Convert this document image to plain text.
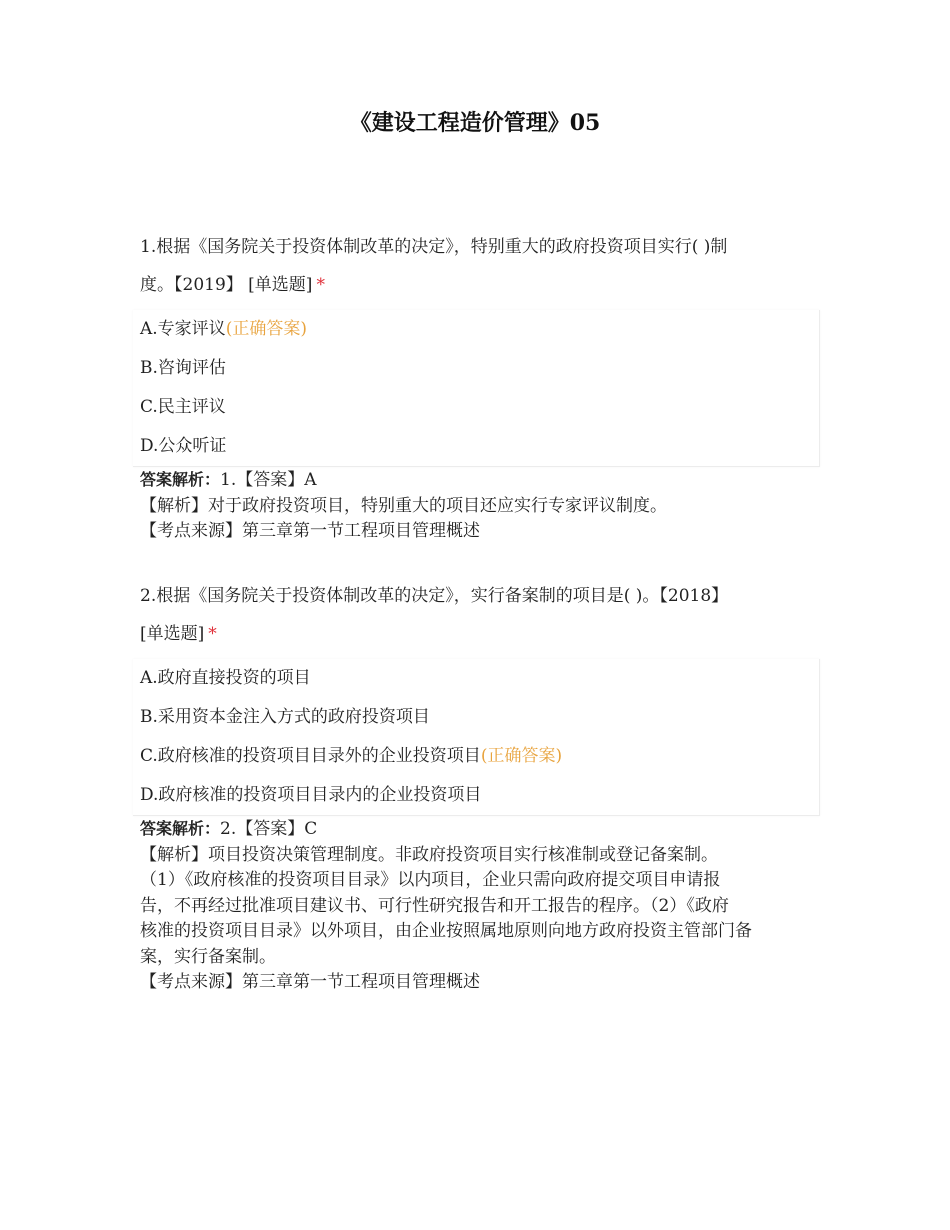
《建设工程造价管理》05
1.根据《国务院关于投资体制改革的决定》，特别重大的政府投资项目实行( )制
度。【2019】 [单选题] *
A.专家评议(正确答案)
B.咨询评估
C.民主评议
D.公众听证

答案解析：1.【答案】A

【解析】对于政府投资项目，特别重大的项目还应实行专家评议制度。

【考点来源】第三章第一节工程项目管理概述

2.根据《国务院关于投资体制改革的决定》，实行备案制的项目是( )。【2018】
[单选题] *
A.政府直接投资的项目
B.采用资本金注入方式的政府投资项目
C.政府核准的投资项目目录外的企业投资项目(正确答案)
D.政府核准的投资项目目录内的企业投资项目

答案解析：2.【答案】C

【解析】项目投资决策管理制度。非政府投资项目实行核准制或登记备案制。

（1）《政府核准的投资项目目录》以内项目，企业只需向政府提交项目申请报

告，不再经过批准项目建议书、可行性研究报告和开工报告的程序。（2）《政府

核准的投资项目目录》以外项目，由企业按照属地原则向地方政府投资主管部门备

案，实行备案制。

【考点来源】第三章第一节工程项目管理概述
